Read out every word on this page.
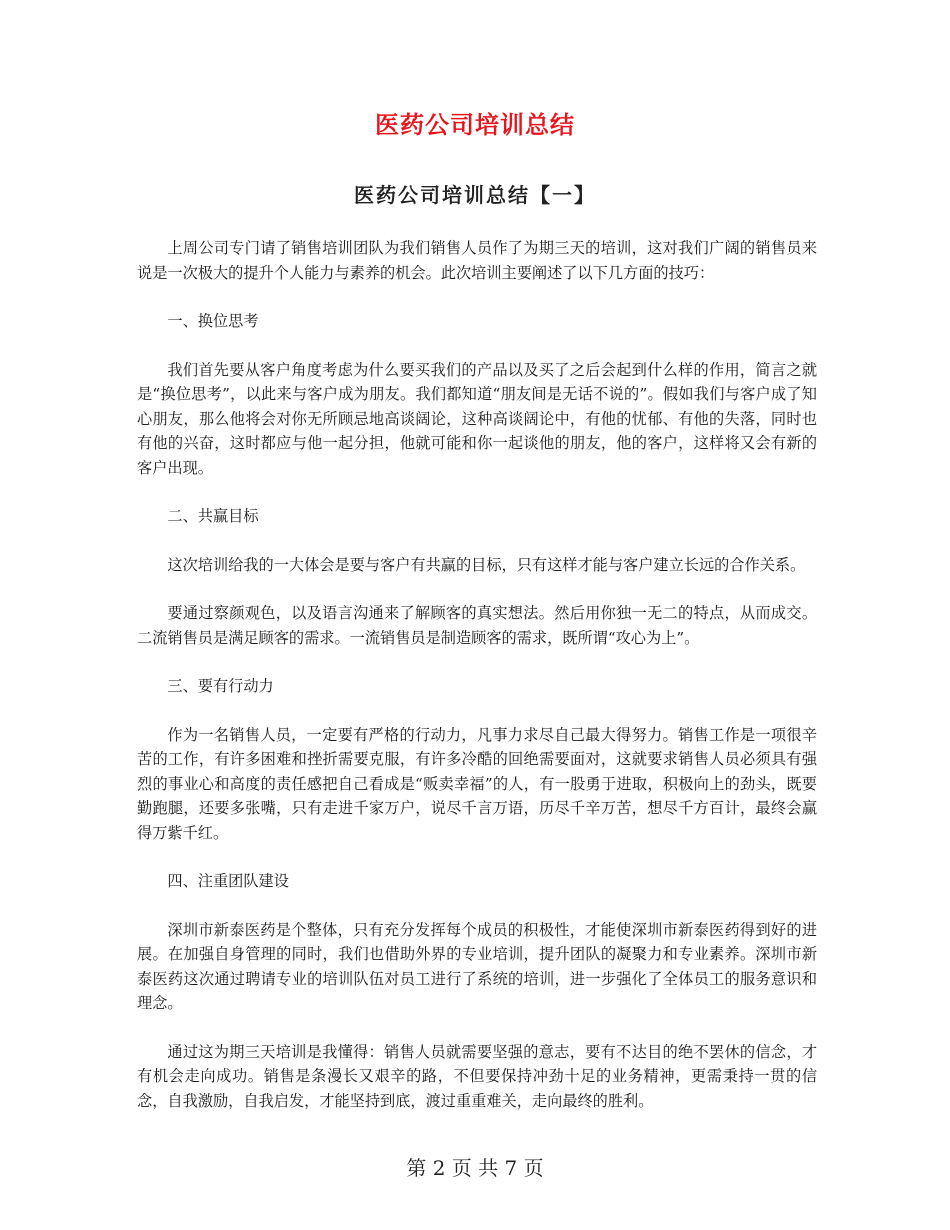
医药公司培训总结
医药公司培训总结【一】

上周公司专门请了销售培训团队为我们销售人员作了为期三天的培训，这对我们广阔的销售员来说是一次极大的提升个人能力与素养的机会。此次培训主要阐述了以下几方面的技巧：

一、换位思考

我们首先要从客户角度考虑为什么要买我们的产品以及买了之后会起到什么样的作用，简言之就是“换位思考”，以此来与客户成为朋友。我们都知道“朋友间是无话不说的”。假如我们与客户成了知心朋友，那么他将会对你无所顾忌地高谈阔论，这种高谈阔论中，有他的忧郁、有他的失落，同时也有他的兴奋，这时都应与他一起分担，他就可能和你一起谈他的朋友，他的客户，这样将又会有新的客户出现。

二、共赢目标

这次培训给我的一大体会是要与客户有共赢的目标，只有这样才能与客户建立长远的合作关系。

要通过察颜观色，以及语言沟通来了解顾客的真实想法。然后用你独一无二的特点，从而成交。二流销售员是满足顾客的需求。一流销售员是制造顾客的需求，既所谓“攻心为上”。

三、要有行动力

作为一名销售人员，一定要有严格的行动力，凡事力求尽自己最大得努力。销售工作是一项很辛苦的工作，有许多困难和挫折需要克服，有许多冷酷的回绝需要面对，这就要求销售人员必须具有强烈的事业心和高度的责任感把自己看成是“贩卖幸福”的人，有一股勇于进取，积极向上的劲头，既要勤跑腿，还要多张嘴，只有走进千家万户，说尽千言万语，历尽千辛万苦，想尽千方百计，最终会赢得万紫千红。

四、注重团队建设

深圳市新泰医药是个整体，只有充分发挥每个成员的积极性，才能使深圳市新泰医药得到好的进展。在加强自身管理的同时，我们也借助外界的专业培训，提升团队的凝聚力和专业素养。深圳市新泰医药这次通过聘请专业的培训队伍对员工进行了系统的培训，进一步强化了全体员工的服务意识和理念。

通过这为期三天培训是我懂得：销售人员就需要坚强的意志，要有不达目的绝不罢休的信念，才有机会走向成功。销售是条漫长又艰辛的路，不但要保持冲劲十足的业务精神，更需秉持一贯的信念，自我激励，自我启发，才能坚持到底，渡过重重难关，走向最终的胜利。

第 2 页 共 7 页
